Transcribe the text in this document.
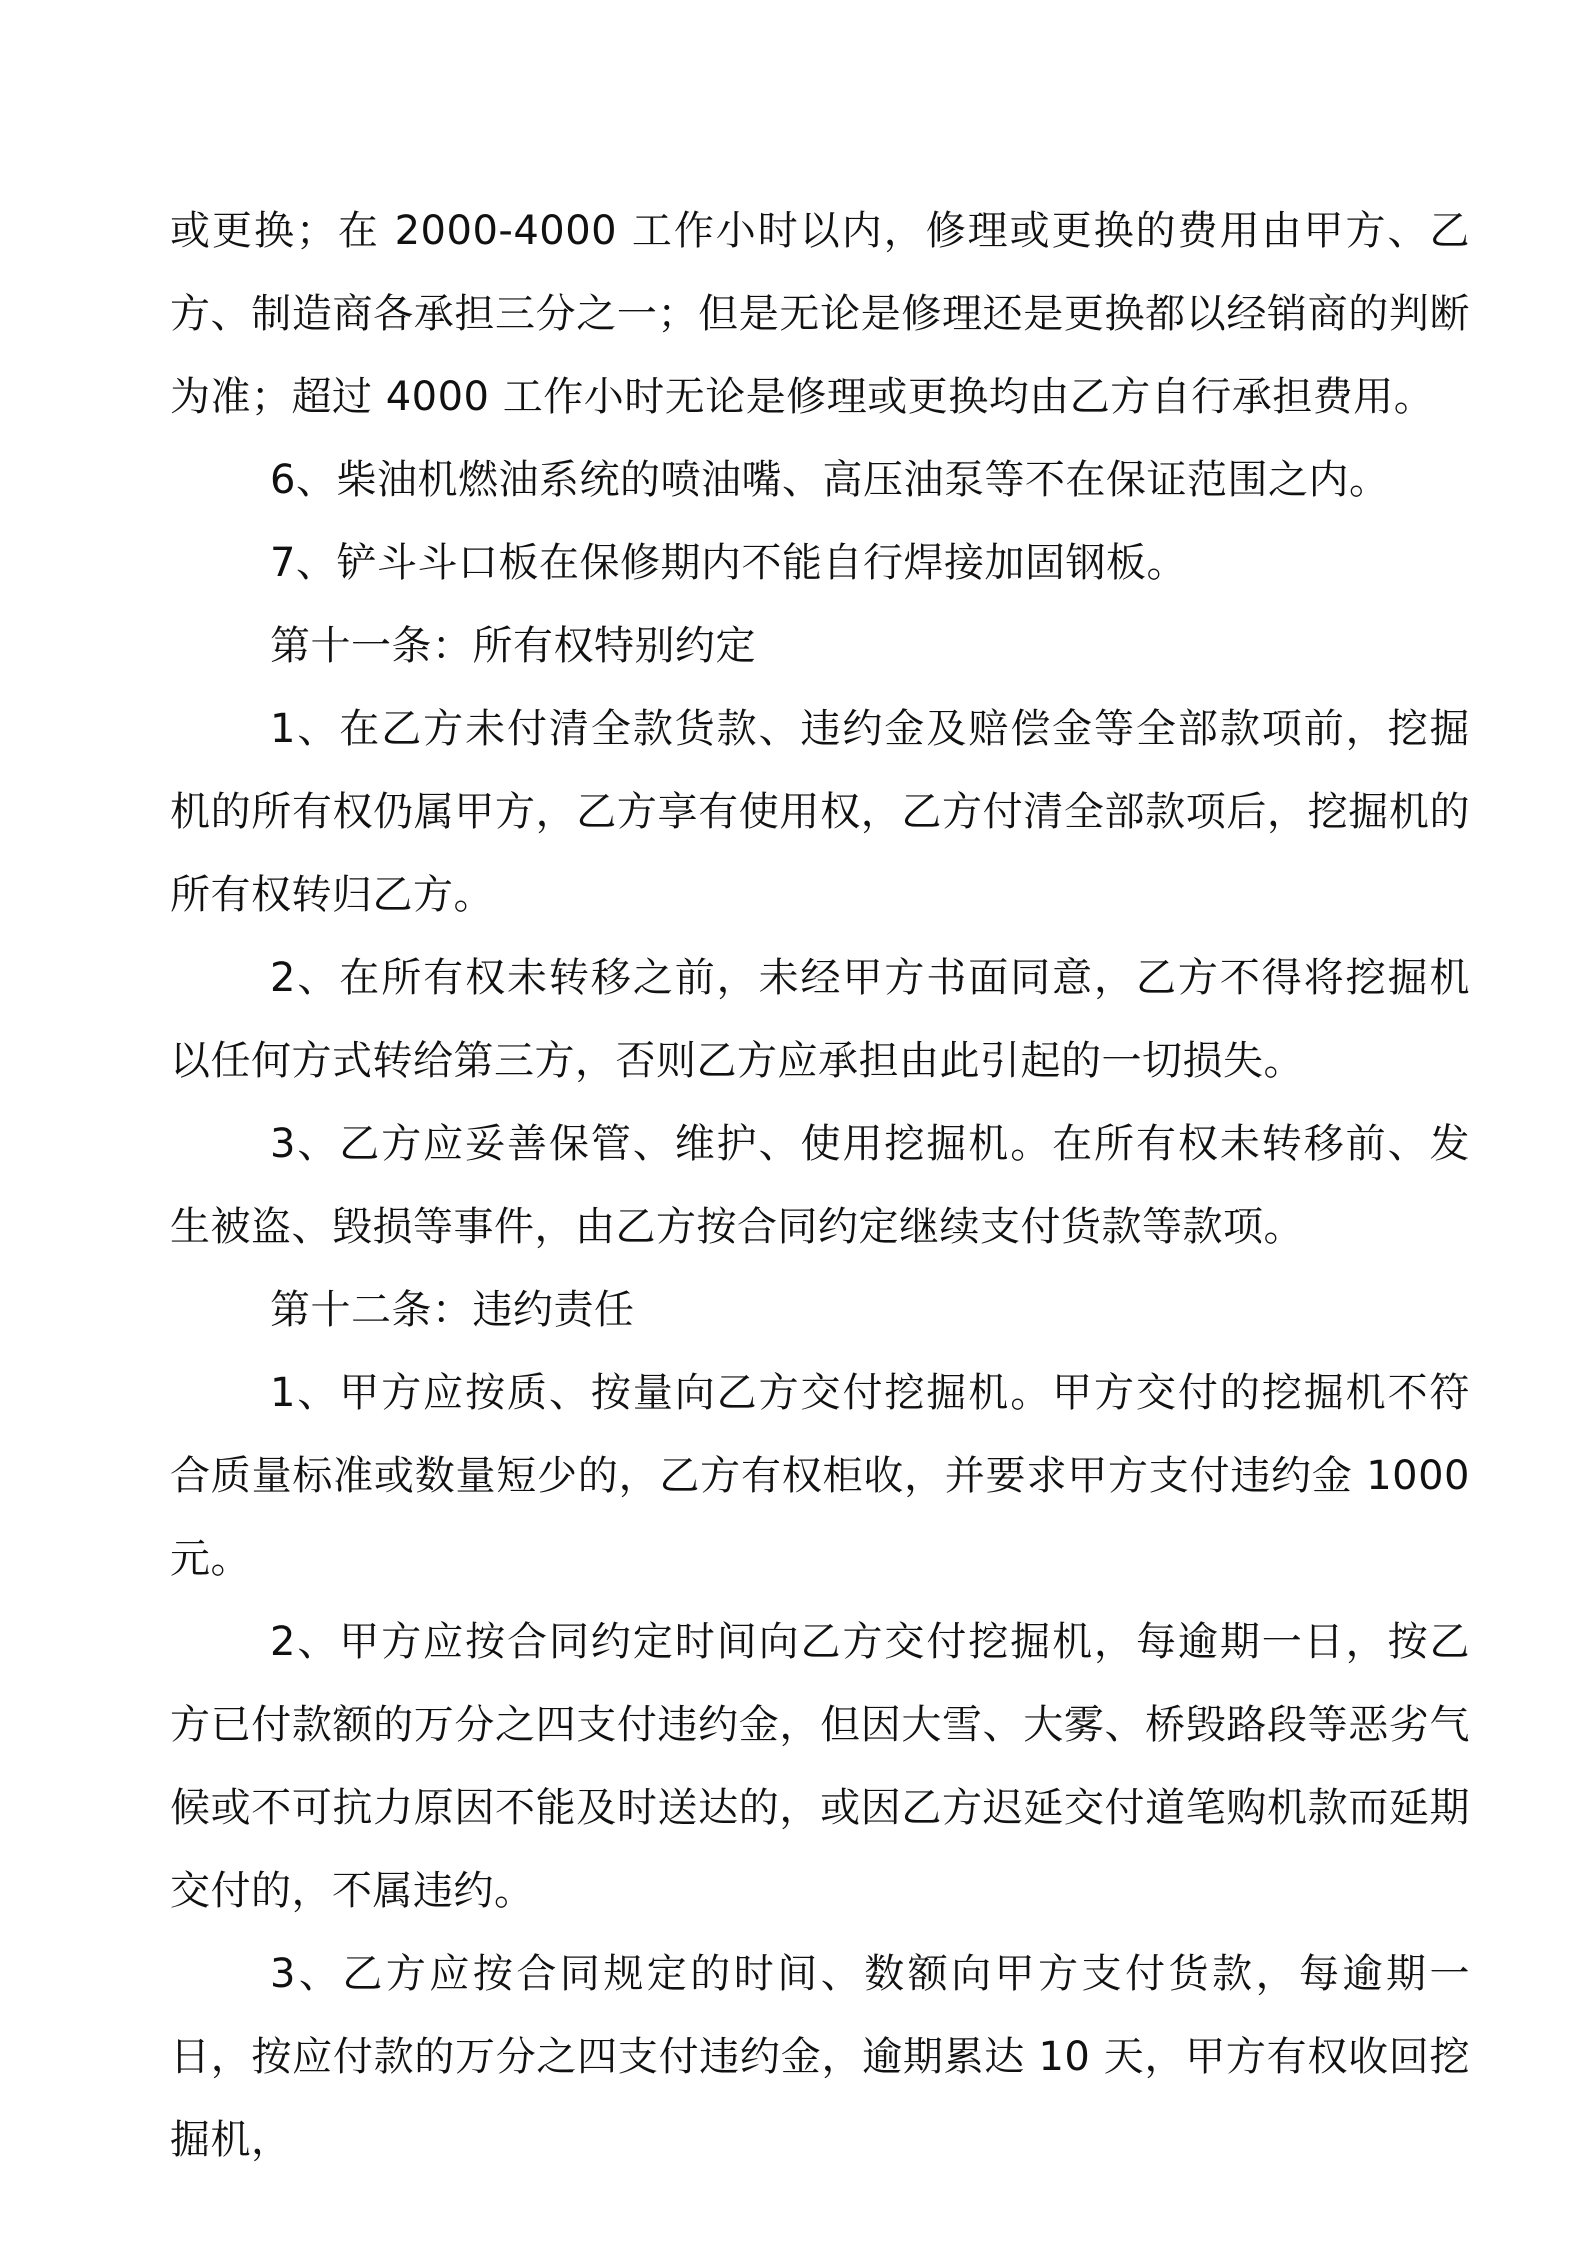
或更换；在 2000-4000 工作小时以内，修理或更换的费用由甲方、乙方、制造商各承担三分之一；但是无论是修理还是更换都以经销商的判断为准；超过 4000 工作小时无论是修理或更换均由乙方自行承担费用。

6、柴油机燃油系统的喷油嘴、高压油泵等不在保证范围之内。

7、铲斗斗口板在保修期内不能自行焊接加固钢板。

第十一条：所有权特别约定

1、在乙方未付清全款货款、违约金及赔偿金等全部款项前，挖掘机的所有权仍属甲方，乙方享有使用权，乙方付清全部款项后，挖掘机的所有权转归乙方。

2、在所有权未转移之前，未经甲方书面同意，乙方不得将挖掘机以任何方式转给第三方，否则乙方应承担由此引起的一切损失。

3、乙方应妥善保管、维护、使用挖掘机。在所有权未转移前、发生被盗、毁损等事件，由乙方按合同约定继续支付货款等款项。

第十二条：违约责任

1、甲方应按质、按量向乙方交付挖掘机。甲方交付的挖掘机不符合质量标准或数量短少的，乙方有权柜收，并要求甲方支付违约金 1000 元。

2、甲方应按合同约定时间向乙方交付挖掘机，每逾期一日，按乙方已付款额的万分之四支付违约金，但因大雪、大雾、桥毁路段等恶劣气候或不可抗力原因不能及时送达的，或因乙方迟延交付道笔购机款而延期交付的，不属违约。

3、乙方应按合同规定的时间、数额向甲方支付货款，每逾期一日，按应付款的万分之四支付违约金，逾期累达 10 天，甲方有权收回挖掘机，
